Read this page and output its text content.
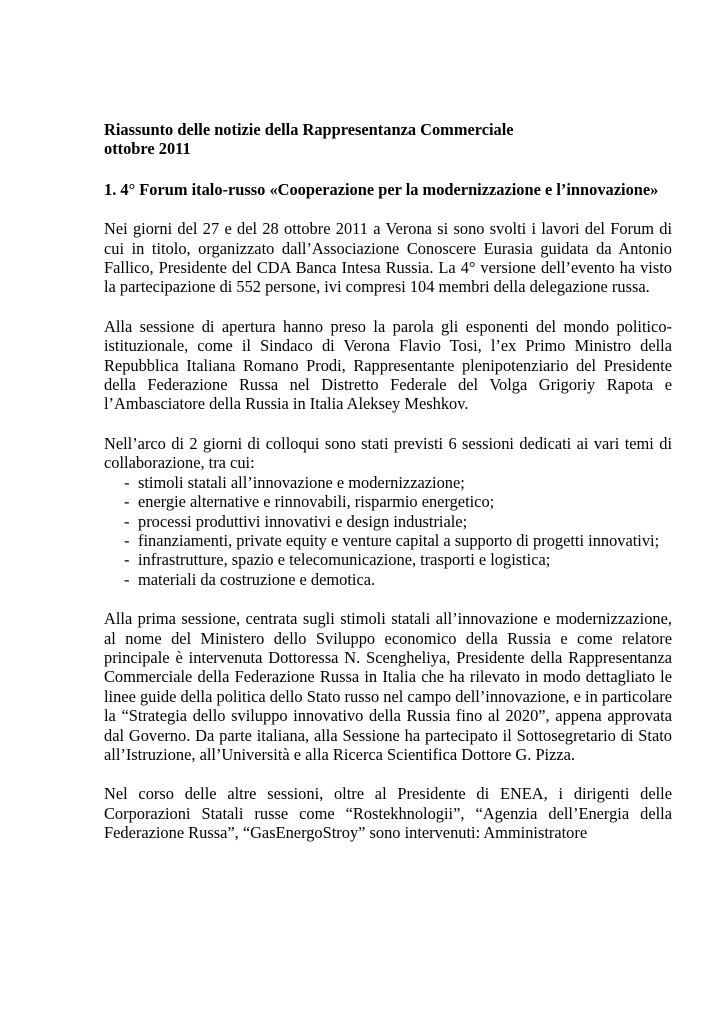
Riassunto delle notizie della Rappresentanza Commerciale
ottobre 2011

1. 4° Forum italo-russo «Cooperazione per la modernizzazione e l’innovazione»

Nei giorni del 27 e del 28 ottobre 2011 a Verona si sono svolti i lavori del Forum di cui in titolo, organizzato dall’Associazione Conoscere Eurasia guidata da Antonio Fallico, Presidente del CDA Banca Intesa Russia. La 4° versione dell’evento ha visto la partecipazione di 552 persone, ivi compresi 104 membri della delegazione russa.

Alla sessione di apertura hanno preso la parola gli esponenti del mondo politico-istituzionale, come il Sindaco di Verona Flavio Tosi, l’ex Primo Ministro della Repubblica Italiana Romano Prodi, Rappresentante plenipotenziario del Presidente della Federazione Russa nel Distretto Federale del Volga Grigoriy Rapota e l’Ambasciatore della Russia in Italia Aleksey Meshkov.

Nell’arco di 2 giorni di colloqui sono stati previsti 6 sessioni dedicati ai vari temi di collaborazione, tra cui:

- stimoli statali all’innovazione e modernizzazione;
- energie alternative e rinnovabili, risparmio energetico;
- processi produttivi innovativi e design industriale;
- finanziamenti, private equity e venture capital a supporto di progetti innovativi;
- infrastrutture, spazio e telecomunicazione, trasporti e logistica;
- materiali da costruzione e demotica.

Alla prima sessione, centrata sugli stimoli statali all’innovazione e modernizzazione, al nome del Ministero dello Sviluppo economico della Russia e come relatore principale è intervenuta Dottoressa N. Scengheliya, Presidente della Rappresentanza Commerciale della Federazione Russa in Italia che ha rilevato in modo dettagliato le linee guide della politica dello Stato russo nel campo dell’innovazione, e in particolare la “Strategia dello sviluppo innovativo della Russia fino al 2020”, appena approvata dal Governo. Da parte italiana, alla Sessione ha partecipato il Sottosegretario di Stato all’Istruzione, all’Università e alla Ricerca Scientifica Dottore G. Pizza.

Nel corso delle altre sessioni, oltre al Presidente di ENEA, i dirigenti delle Corporazioni Statali russe come “Rostekhnologii”, “Agenzia dell’Energia della Federazione Russa”, “GasEnergoStroy” sono intervenuti: Amministratore
